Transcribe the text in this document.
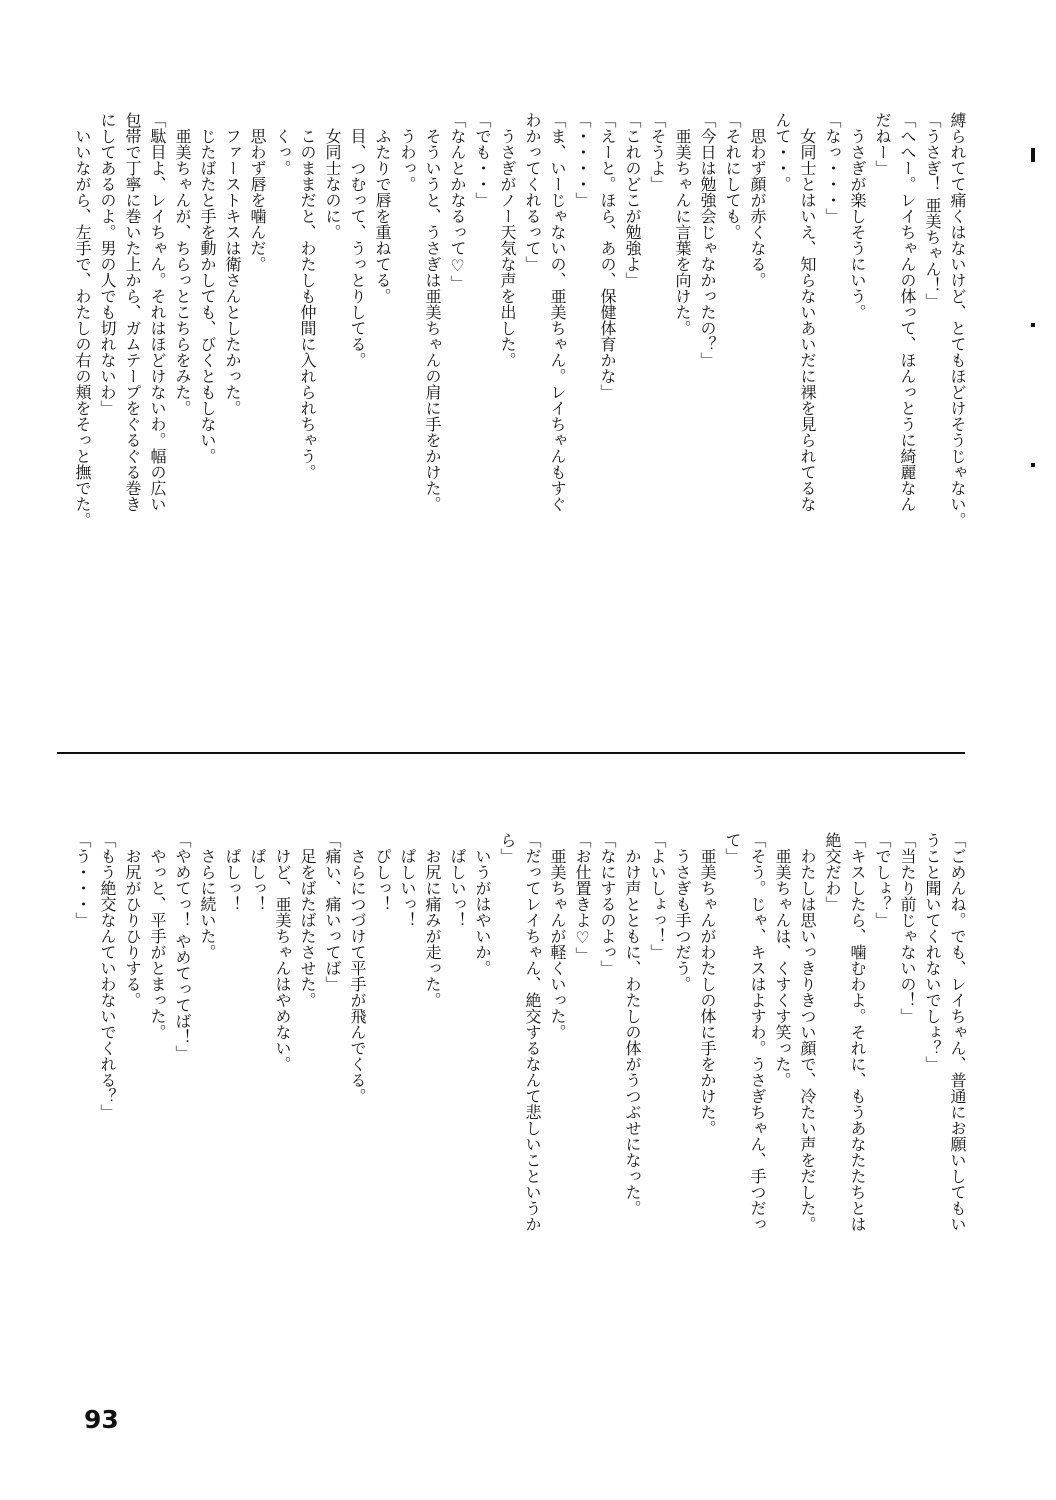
縛られてて痛くはないけど、とてもほどけそうじゃない。
「うさぎ！ 亜美ちゃん！」
「へへー。レイちゃんの体って、ほんっとうに綺麗なん
だねー」
　うさぎが楽しそうにいう。
「なっ・・・」
　女同士とはいえ、知らないあいだに裸を見られてるな
んて・・。
　思わず顔が赤くなる。
「それにしても。
「今日は勉強会じゃなかったの？」
　亜美ちゃんに言葉を向けた。
「そうよ」
「これのどこが勉強よ」
「えーと。ほら、あの、保健体育かな」
「・・・・」
「ま、いーじゃないの、亜美ちゃん。レイちゃんもすぐ
わかってくれるって」
　うさぎがノー天気な声を出した。
「でも・・」
「なんとかなるって♡」
　そういうと、うさぎは亜美ちゃんの肩に手をかけた。
　うわっ。
　ふたりで唇を重ねてる。
　目、つむって、うっとりしてる。
　女同士なのに。
　このままだと、わたしも仲間に入れられちゃう。
　くっ。
　思わず唇を噛んだ。
　ファーストキスは衛さんとしたかった。
　じたばたと手を動かしても、びくともしない。
　亜美ちゃんが、ちらっとこちらをみた。
「駄目よ、レイちゃん。それはほどけないわ。幅の広い
包帯で丁寧に巻いた上から、ガムテープをぐるぐる巻き
にしてあるのよ。男の人でも切れないわ」
　いいながら、左手で、わたしの右の頬をそっと撫でた。
「ごめんね。でも、レイちゃん、普通にお願いしてもい
うこと聞いてくれないでしょ？」
「当たり前じゃないの！」
「でしょ？」
「キスしたら、噛むわよ。それに、もうあなたたちとは
絶交だわ」
　わたしは思いっきりきつい顔で、冷たい声をだした。
　亜美ちゃんは、くすくす笑った。
「そう。じゃ、キスはよすわ。うさぎちゃん、手つだっ
て」
　亜美ちゃんがわたしの体に手をかけた。
　うさぎも手つだう。
「よいしょっ！」
　かけ声とともに、わたしの体がうつぶせになった。
「なにするのよっ」
「お仕置きよ♡」
　亜美ちゃんが軽くいった。
「だってレイちゃん、絶交するなんて悲しいこというか
ら」
　いうがはやいか。
　ぱしいっ！
　お尻に痛みが走った。
　ぱしいっ！
　ぴしっ！
　さらにつづけて平手が飛んでくる。
「痛い、痛いってば」
　足をばたばたさせた。
　けど、亜美ちゃんはやめない。
　ぱしっ！
　ぱしっ！
　さらに続いた。
「やめてっ！ やめてってば！」
　やっと、平手がとまった。
　お尻がひりひりする。
「もう絶交なんていわないでくれる？」
「う・・・」
93
